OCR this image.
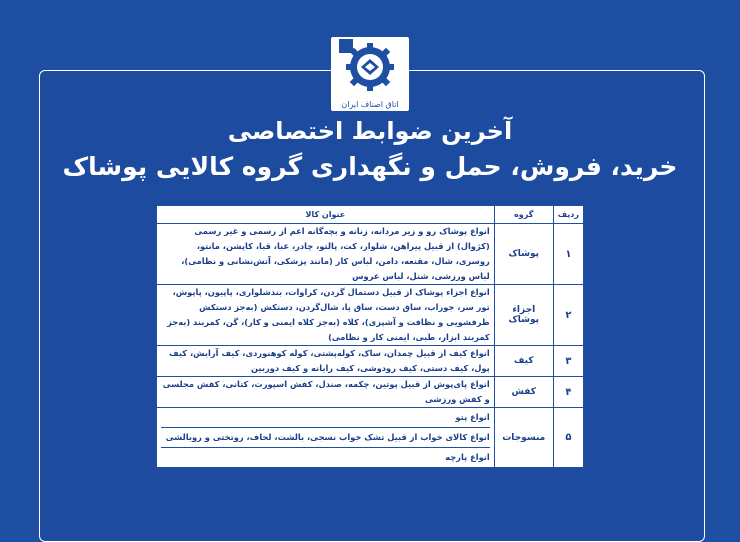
اتاق اصناف ایران
آخرین ضوابط اختصاصی
خرید، فروش، حمل و نگهداری گروه کالایی پوشاک
ردیف	گروه	عنوان کالا
۱	پوشاک	انواع پوشاک رو و زیر مردانه، زنانه و بچه‌گانه اعم از رسمی و غیر رسمی (کژوال) از قبیل پیراهن، شلوار، کت، پالتو، چادر، عبا، قبا، کاپشن، مانتو، روسری، شال، مقنعه، دامن، لباس کار (مانند پزشکی، آتش‌نشانی و نظامی)، لباس ورزشی، شنل، لباس عروس
۲	اجزاء پوشاک	انواع اجزاء پوشاک از قبیل دستمال گردن، کراوات، بندشلواری، پاپیون، پاپوش، تور سر، جوراب، ساق دست، ساق پا، شال‌گردن، دستکش (به‌جز دستکش ظرفشویی و نظافت و آشپزی)، کلاه (به‌جز کلاه ایمنی و کار)، گن، کمربند (به‌جز کمربند ابزار، طبی، ایمنی کار و نظامی)
۳	کیف	انواع کیف از قبیل چمدان، ساک، کوله‌پشتی، کوله کوهنوردی، کیف آرایش، کیف پول، کیف دستی، کیف رودوشی، کیف رایانه و کیف دوربین
۴	کفش	انواع پای‌پوش از قبیل پوتین، چکمه، صندل، کفش اسپورت، کتانی، کفش مجلسی و کفش ورزشی
۵	منسوجات	انواع پتو
انواع کالای خواب از قبیل تشک خواب نسجی، بالشت، لحاف، روتختی و روبالشی
انواع پارچه
